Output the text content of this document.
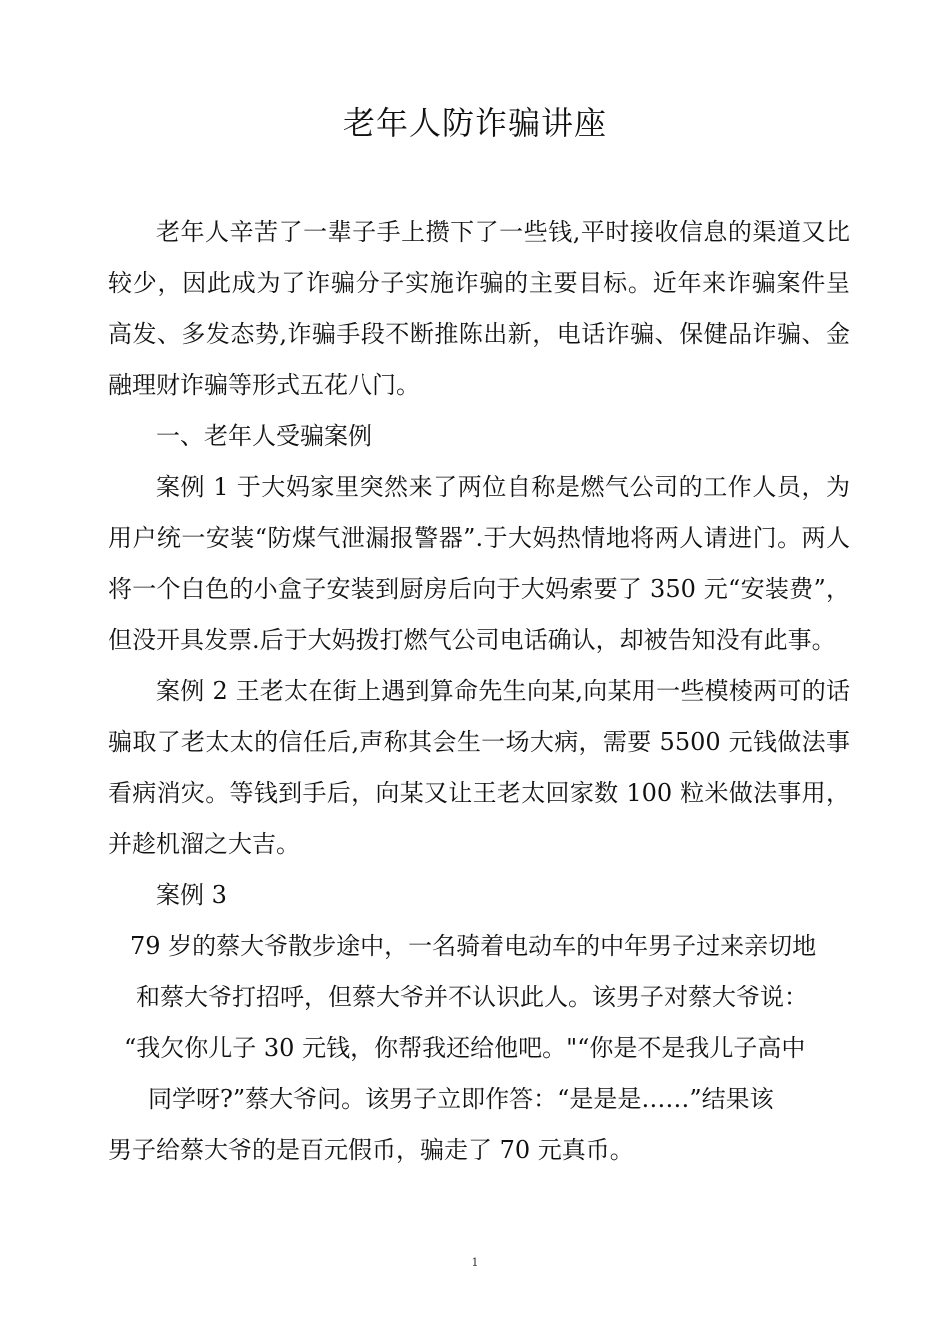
老年人防诈骗讲座

老年人辛苦了一辈子手上攒下了一些钱,平时接收信息的渠道又比较少，因此成为了诈骗分子实施诈骗的主要目标。近年来诈骗案件呈高发、多发态势,诈骗手段不断推陈出新，电话诈骗、保健品诈骗、金融理财诈骗等形式五花八门。

一、老年人受骗案例

案例 1 于大妈家里突然来了两位自称是燃气公司的工作人员，为用户统一安装“防煤气泄漏报警器”.于大妈热情地将两人请进门。两人将一个白色的小盒子安装到厨房后向于大妈索要了 350 元“安装费”，但没开具发票.后于大妈拨打燃气公司电话确认，却被告知没有此事。

案例 2 王老太在街上遇到算命先生向某,向某用一些模棱两可的话骗取了老太太的信任后,声称其会生一场大病，需要 5500 元钱做法事看病消灾。等钱到手后，向某又让王老太回家数 100 粒米做法事用，并趁机溜之大吉。

案例 3

79 岁的蔡大爷散步途中，一名骑着电动车的中年男子过来亲切地
和蔡大爷打招呼，但蔡大爷并不认识此人。该男子对蔡大爷说：
“我欠你儿子 30 元钱，你帮我还给他吧。"“你是不是我儿子高中
同学呀?”蔡大爷问。该男子立即作答：“是是是……”结果该
男子给蔡大爷的是百元假币，骗走了 70 元真币。
1
